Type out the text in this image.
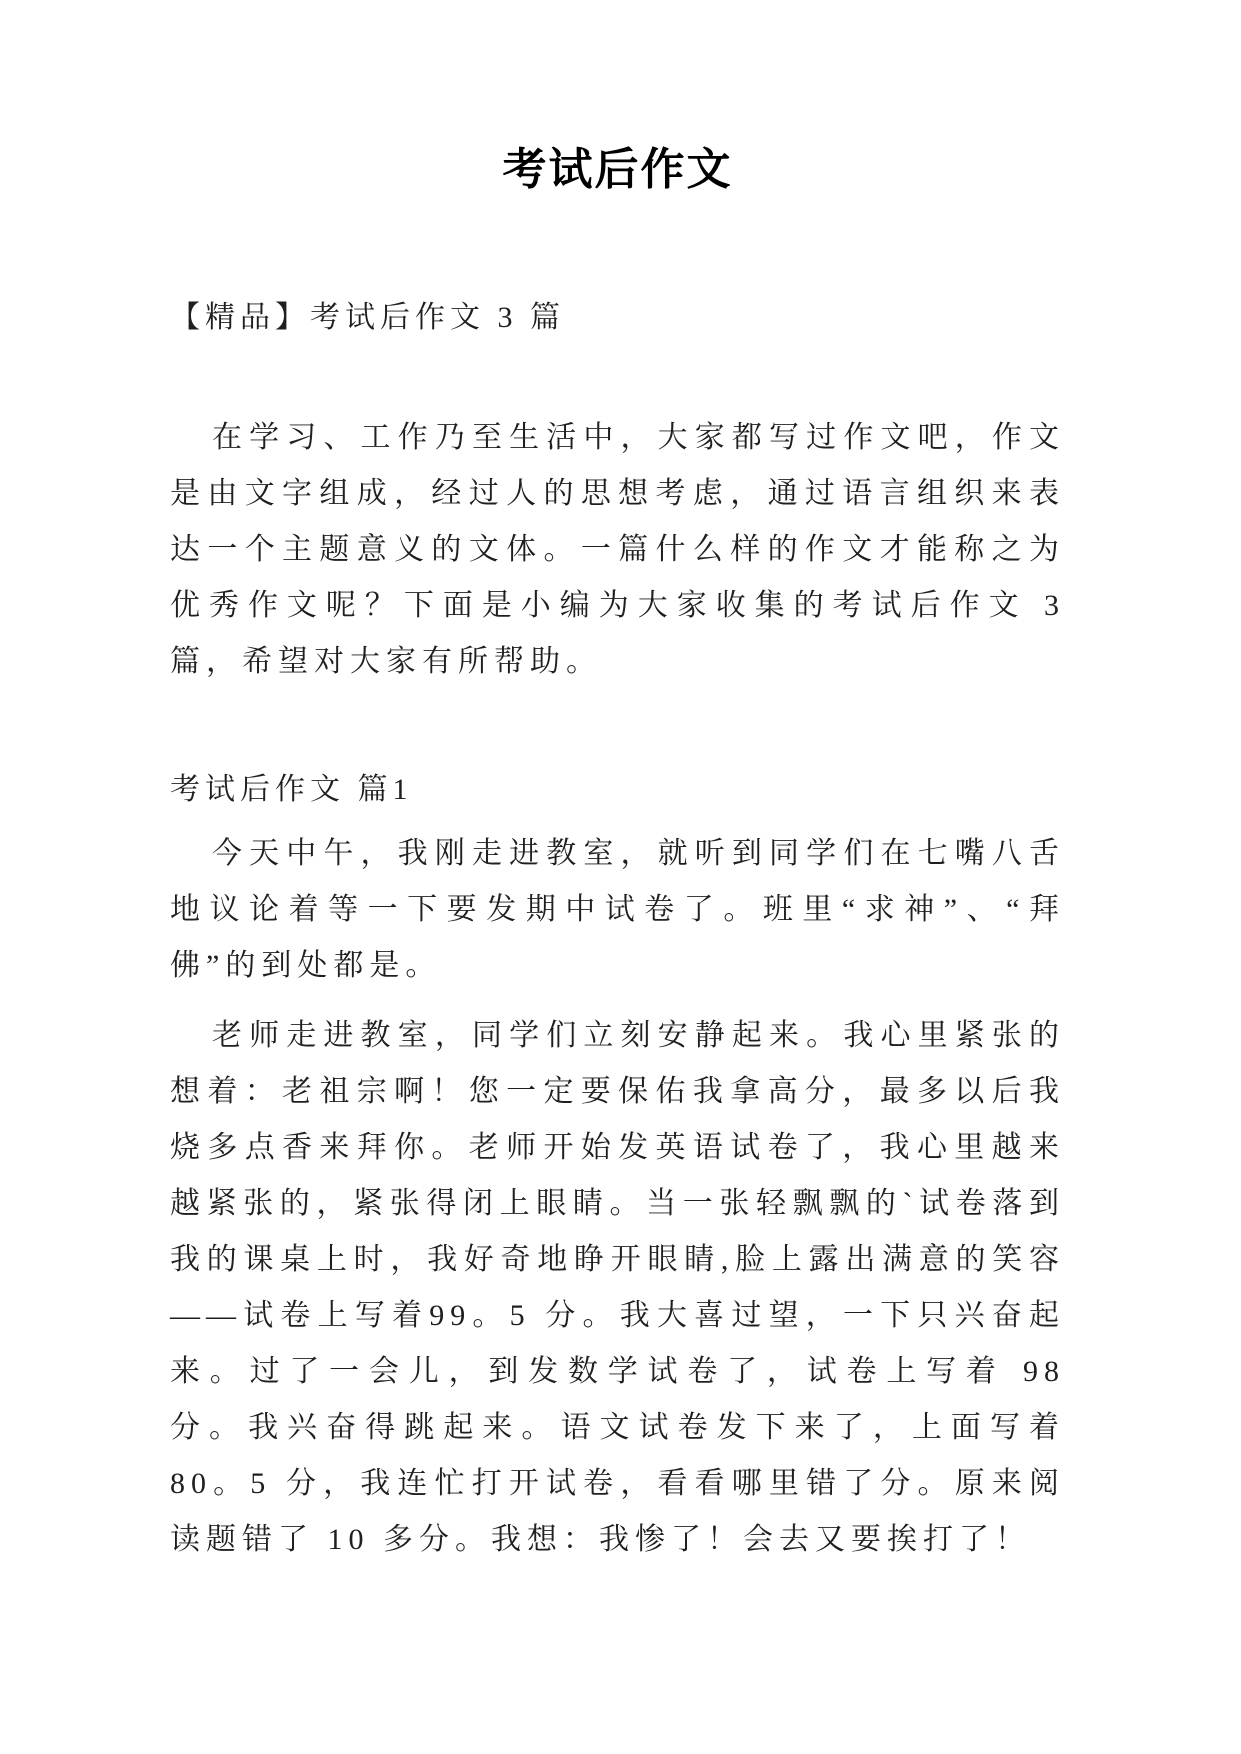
考试后作文

【精品】考试后作文 3 篇

在学习、工作乃至生活中，大家都写过作文吧，作文是由文字组成，经过人的思想考虑，通过语言组织来表达一个主题意义的文体。一篇什么样的作文才能称之为优秀作文呢？下面是小编为大家收集的考试后作文 3 篇，希望对大家有所帮助。

考试后作文 篇1

今天中午，我刚走进教室，就听到同学们在七嘴八舌地议论着等一下要发期中试卷了。班里“求神”、“拜佛”的到处都是。

老师走进教室，同学们立刻安静起来。我心里紧张的想着：老祖宗啊！您一定要保佑我拿高分，最多以后我烧多点香来拜你。老师开始发英语试卷了，我心里越来越紧张的，紧张得闭上眼睛。当一张轻飘飘的`试卷落到我的课桌上时，我好奇地睁开眼睛,脸上露出满意的笑容——试卷上写着99。5 分。我大喜过望，一下只兴奋起来。过了一会儿，到发数学试卷了，试卷上写着 98 分。我兴奋得跳起来。语文试卷发下来了，上面写着 80。5 分，我连忙打开试卷，看看哪里错了分。原来阅读题错了 10 多分。我想：我惨了！会去又要挨打了！
